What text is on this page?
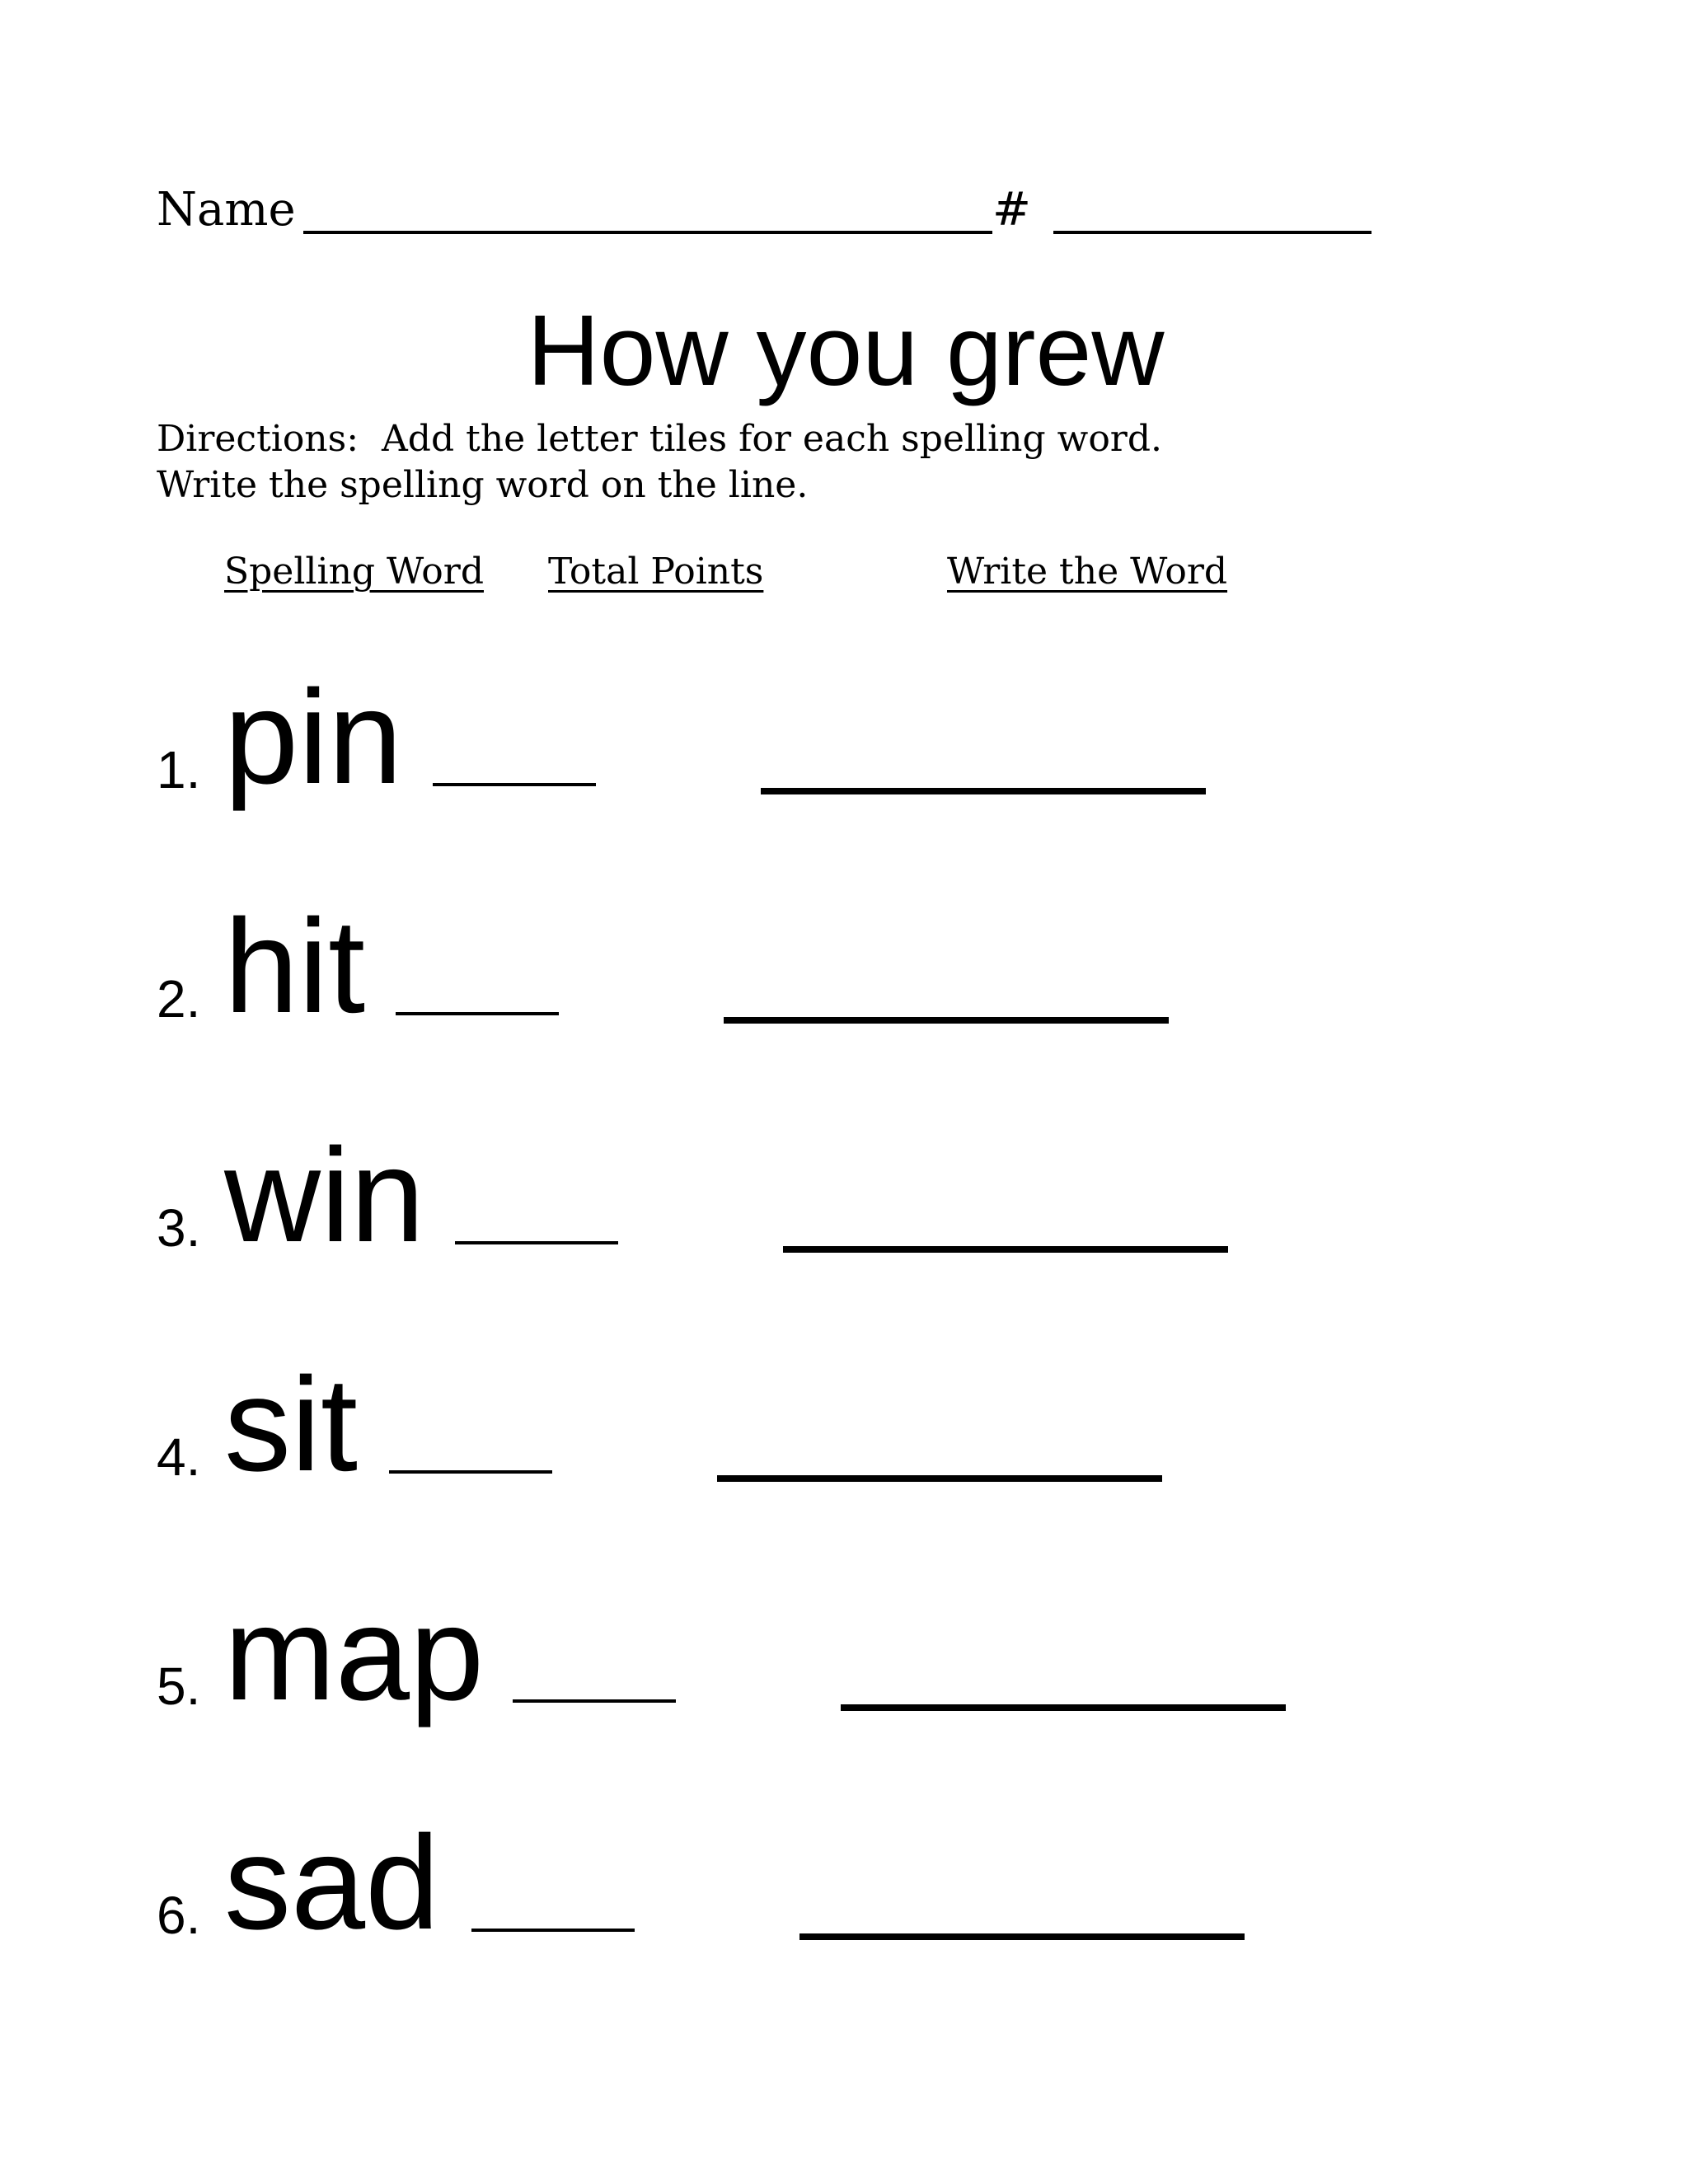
Name	#
How you grew
Directions:  Add the letter tiles for each spelling word.
Write the spelling word on the line.
Spelling Word Total Points	Write the Word
1. pin
2. hit
3. win
4. sit
5. map
6. sad
